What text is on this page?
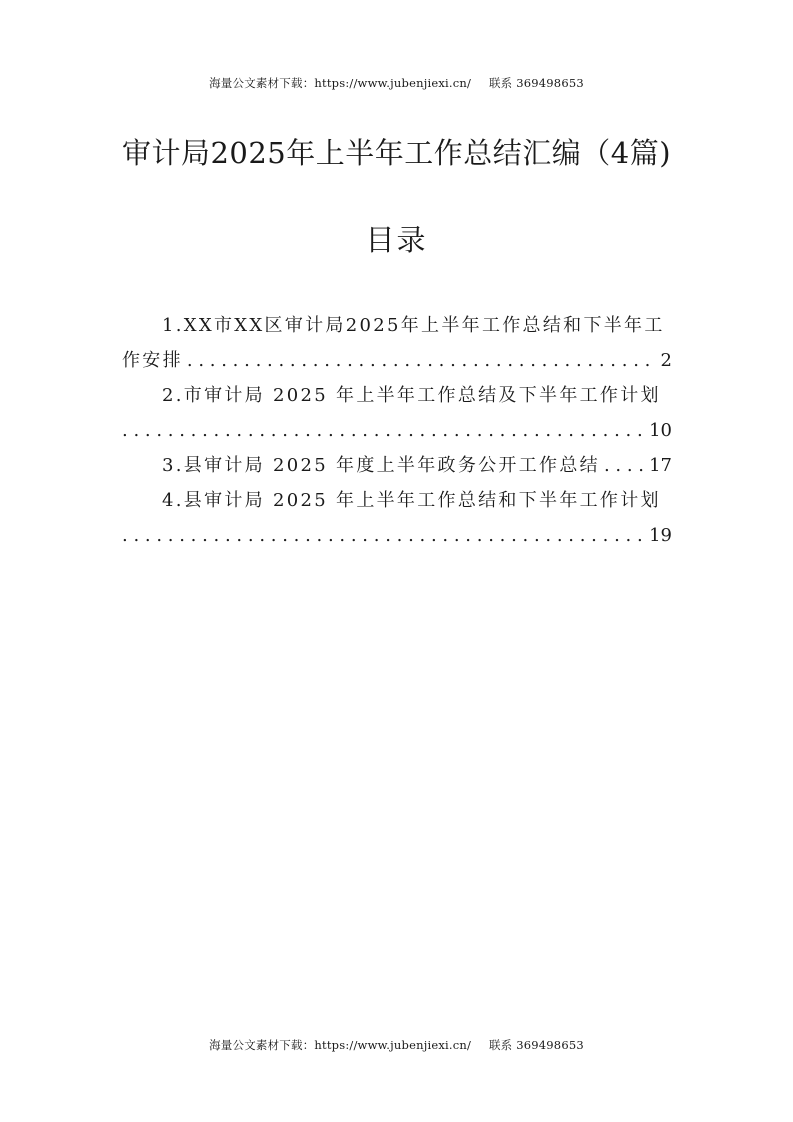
海量公文素材下载：https://www.jubenjiexi.cn/ 联系 369498653
审计局2025年上半年工作总结汇编（4篇)
目录
1.XX市XX区审计局2025年上半年工作总结和下半年工
作安排 . . .	2
2.市审计局 2025 年上半年工作总结及下半年工作计划
. . .
10
3.县审计局 2025 年度上半年政务公开工作总结 . . .	17
4.县审计局 2025 年上半年工作总结和下半年工作计划
. . .
19
海量公文素材下载：https://www.jubenjiexi.cn/ 联系 369498653
